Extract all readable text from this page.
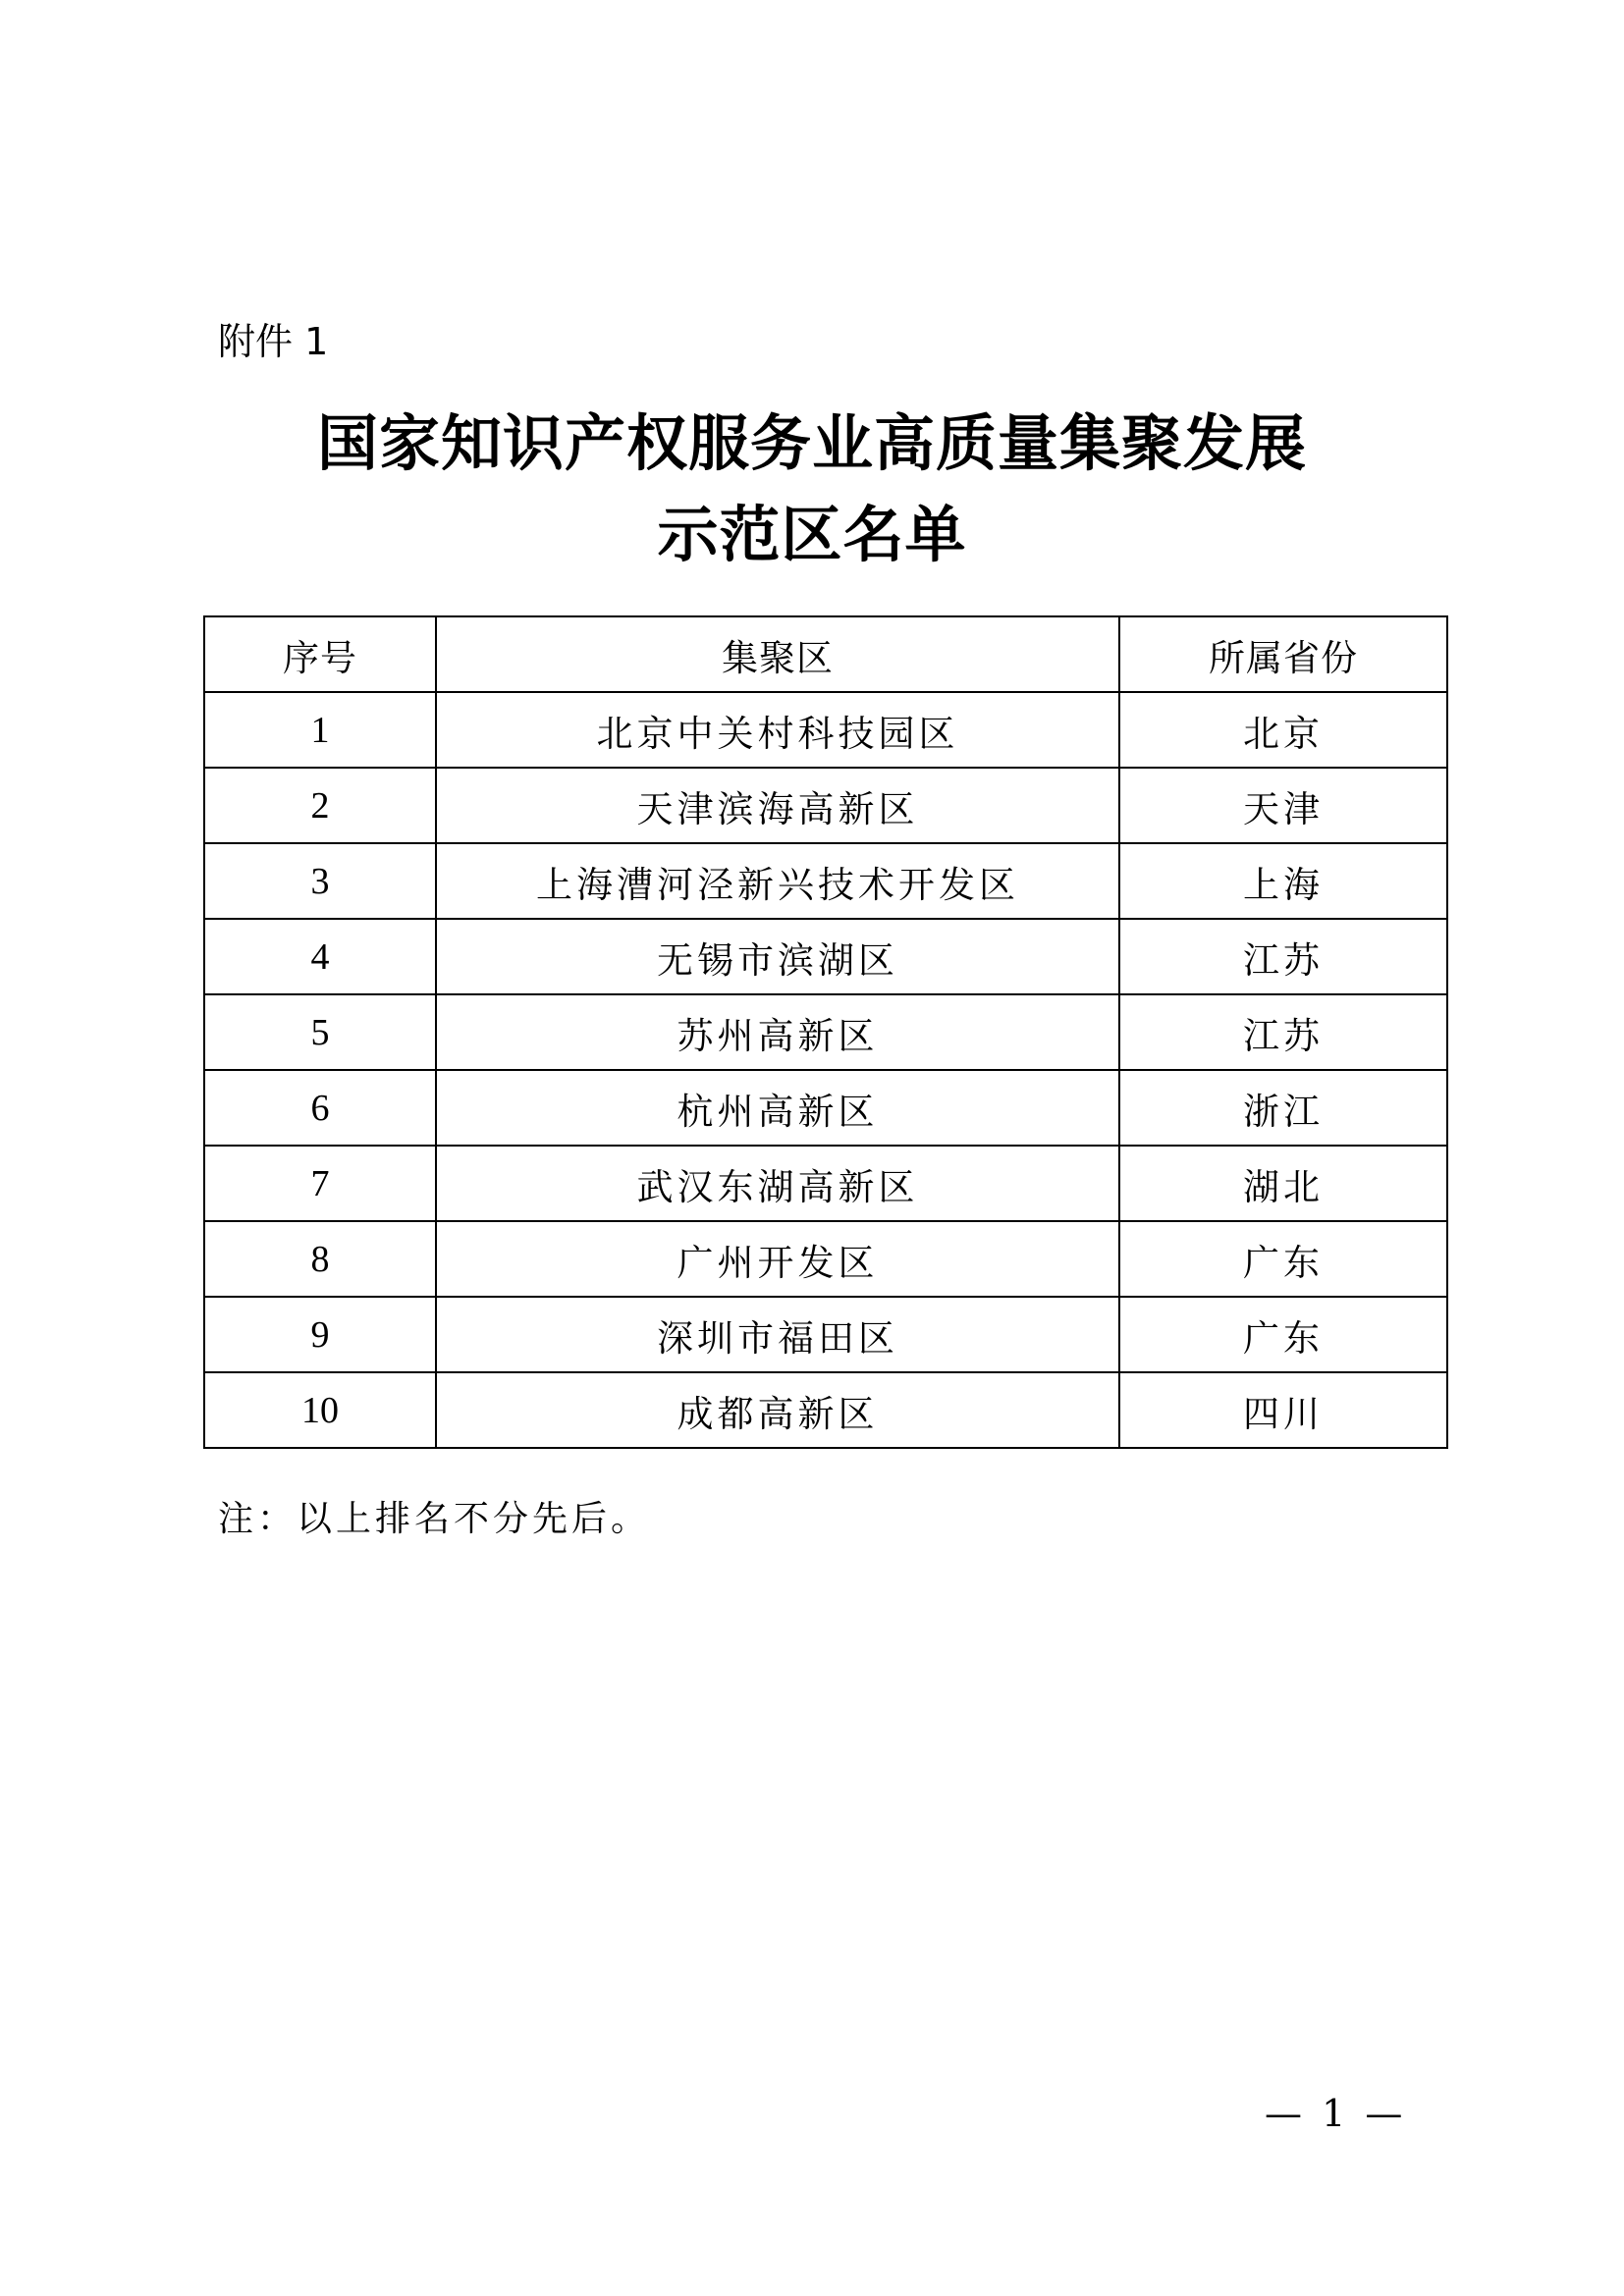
附件 1
国家知识产权服务业高质量集聚发展
示范区名单
序号	集聚区	所属省份
1	北京中关村科技园区	北京
2	天津滨海高新区	天津
3	上海漕河泾新兴技术开发区	上海
4	无锡市滨湖区	江苏
5	苏州高新区	江苏
6	杭州高新区	浙江
7	武汉东湖高新区	湖北
8	广州开发区	广东
9	深圳市福田区	广东
10	成都高新区	四川
注：以上排名不分先后。
— 1 —
